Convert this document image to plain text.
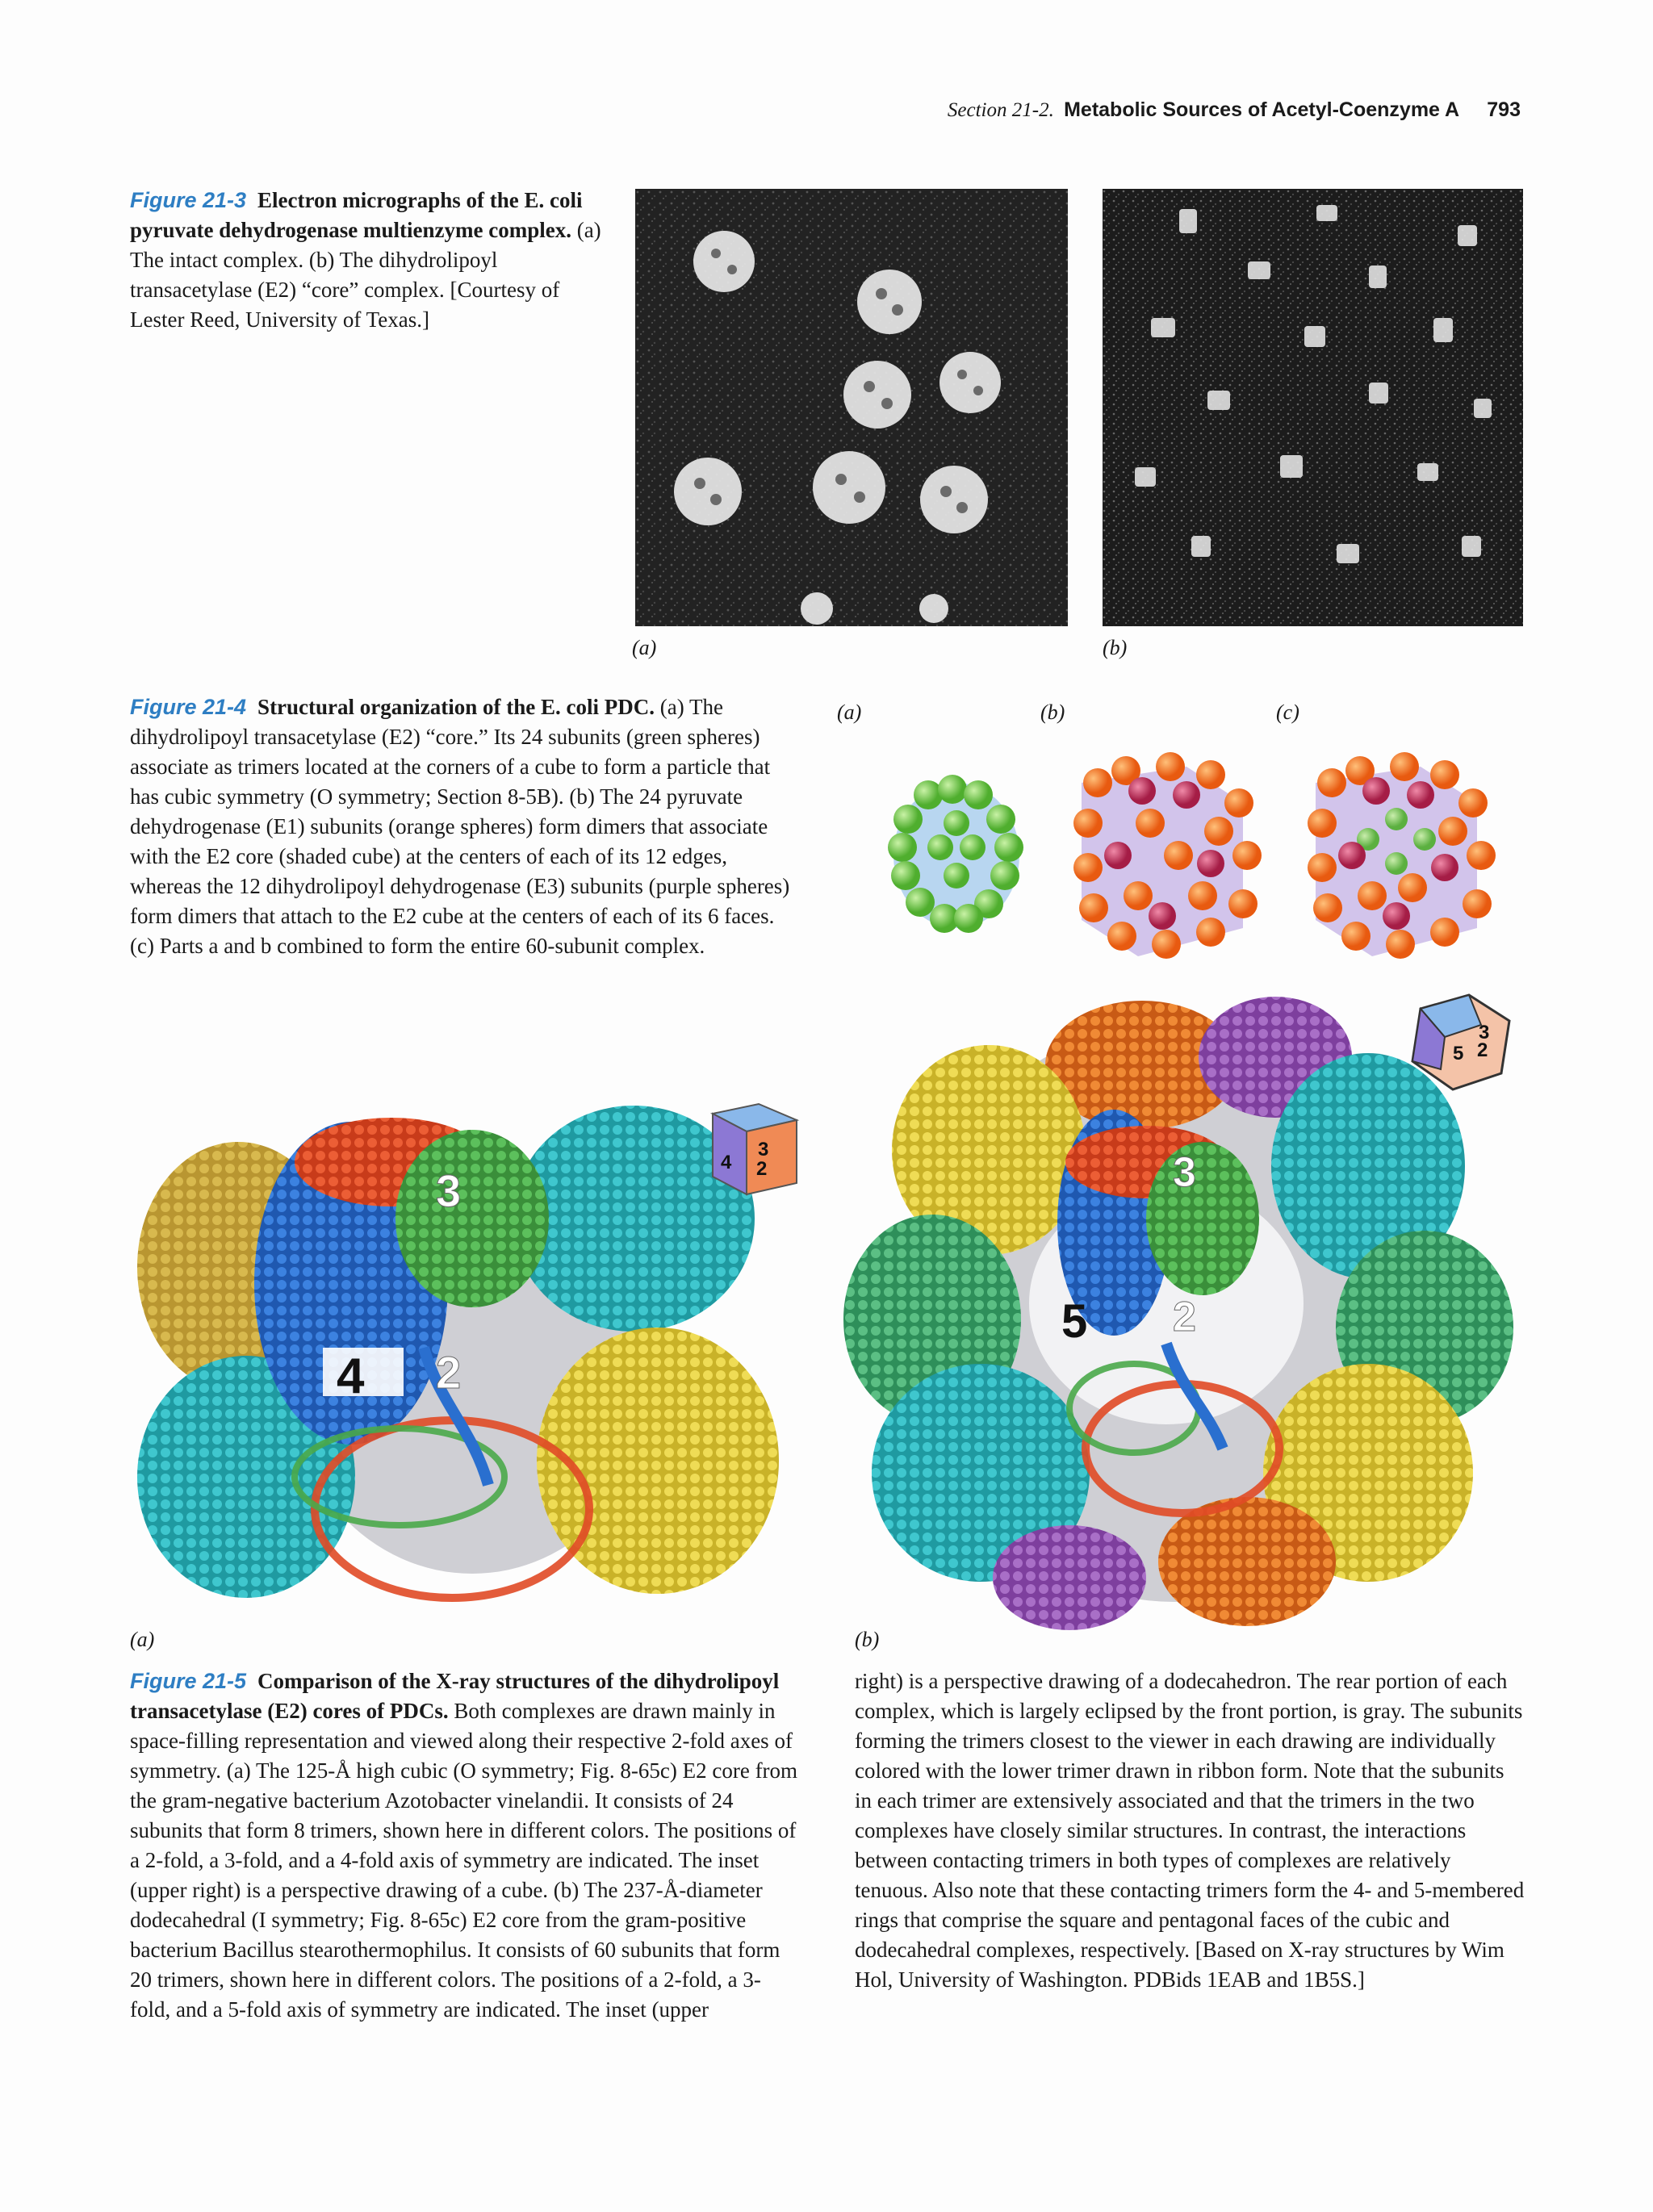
Section 21-2. Metabolic Sources of Acetyl-Coenzyme A 793
Figure 21-3 Electron micrographs of the E. coli pyruvate dehydrogenase multienzyme complex. (a) The intact complex. (b) The dihydrolipoyl transacetylase (E2) “core” complex. [Courtesy of Lester Reed, University of Texas.]
(a)	(b)
Figure 21-4 Structural organization of the E. coli PDC. (a) The dihydrolipoyl transacetylase (E2) “core.” Its 24 subunits (green spheres) associate as trimers located at the corners of a cube to form a particle that has cubic symmetry (O symmetry; Section 8-5B). (b) The 24 pyruvate dehydrogenase (E1) subunits (orange spheres) form dimers that associate with the E2 core (shaded cube) at the centers of each of its 12 edges, whereas the 12 dihydrolipoyl dehydrogenase (E3) subunits (purple spheres) form dimers that attach to the E2 cube at the centers of each of its 6 faces. (c) Parts a and b combined to form the entire 60-subunit complex.
(a)	(b)	(c)
4 2
3
4
3
2
(a)
5 2
3
5
3
2
(b)
Figure 21-5 Comparison of the X-ray structures of the dihydrolipoyl transacetylase (E2) cores of PDCs. Both complexes are drawn mainly in space-filling representation and viewed along their respective 2-fold axes of symmetry. (a) The 125-Å high cubic (O symmetry; Fig. 8-65c) E2 core from the gram-negative bacterium Azotobacter vinelandii. It consists of 24 subunits that form 8 trimers, shown here in different colors. The positions of a 2-fold, a 3-fold, and a 4-fold axis of symmetry are indicated. The inset (upper right) is a perspective drawing of a cube. (b) The 237-Å-diameter dodecahedral (I symmetry; Fig. 8-65c) E2 core from the gram-positive bacterium Bacillus stearothermophilus. It consists of 60 subunits that form 20 trimers, shown here in different colors. The positions of a 2-fold, a 3-fold, and a 5-fold axis of symmetry are indicated. The inset (upper
right) is a perspective drawing of a dodecahedron. The rear portion of each complex, which is largely eclipsed by the front portion, is gray. The subunits forming the trimers closest to the viewer in each drawing are individually colored with the lower trimer drawn in ribbon form. Note that the subunits in each trimer are extensively associated and that the trimers in the two complexes have closely similar structures. In contrast, the interactions between contacting trimers in both types of complexes are relatively tenuous. Also note that these contacting trimers form the 4- and 5-membered rings that comprise the square and pentagonal faces of the cubic and dodecahedral complexes, respectively. [Based on X-ray structures by Wim Hol, University of Washington. PDBids 1EAB and 1B5S.]
